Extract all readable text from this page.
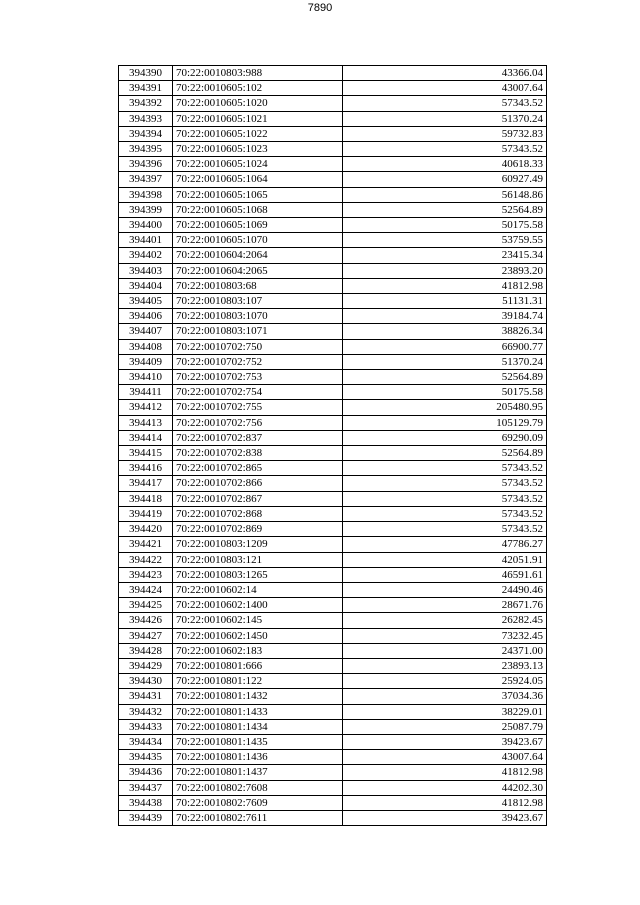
7890
394390	70:22:0010803:988	43366.04
394391	70:22:0010605:102	43007.64
394392	70:22:0010605:1020	57343.52
394393	70:22:0010605:1021	51370.24
394394	70:22:0010605:1022	59732.83
394395	70:22:0010605:1023	57343.52
394396	70:22:0010605:1024	40618.33
394397	70:22:0010605:1064	60927.49
394398	70:22:0010605:1065	56148.86
394399	70:22:0010605:1068	52564.89
394400	70:22:0010605:1069	50175.58
394401	70:22:0010605:1070	53759.55
394402	70:22:0010604:2064	23415.34
394403	70:22:0010604:2065	23893.20
394404	70:22:0010803:68	41812.98
394405	70:22:0010803:107	51131.31
394406	70:22:0010803:1070	39184.74
394407	70:22:0010803:1071	38826.34
394408	70:22:0010702:750	66900.77
394409	70:22:0010702:752	51370.24
394410	70:22:0010702:753	52564.89
394411	70:22:0010702:754	50175.58
394412	70:22:0010702:755	205480.95
394413	70:22:0010702:756	105129.79
394414	70:22:0010702:837	69290.09
394415	70:22:0010702:838	52564.89
394416	70:22:0010702:865	57343.52
394417	70:22:0010702:866	57343.52
394418	70:22:0010702:867	57343.52
394419	70:22:0010702:868	57343.52
394420	70:22:0010702:869	57343.52
394421	70:22:0010803:1209	47786.27
394422	70:22:0010803:121	42051.91
394423	70:22:0010803:1265	46591.61
394424	70:22:0010602:14	24490.46
394425	70:22:0010602:1400	28671.76
394426	70:22:0010602:145	26282.45
394427	70:22:0010602:1450	73232.45
394428	70:22:0010602:183	24371.00
394429	70:22:0010801:666	23893.13
394430	70:22:0010801:122	25924.05
394431	70:22:0010801:1432	37034.36
394432	70:22:0010801:1433	38229.01
394433	70:22:0010801:1434	25087.79
394434	70:22:0010801:1435	39423.67
394435	70:22:0010801:1436	43007.64
394436	70:22:0010801:1437	41812.98
394437	70:22:0010802:7608	44202.30
394438	70:22:0010802:7609	41812.98
394439	70:22:0010802:7611	39423.67
